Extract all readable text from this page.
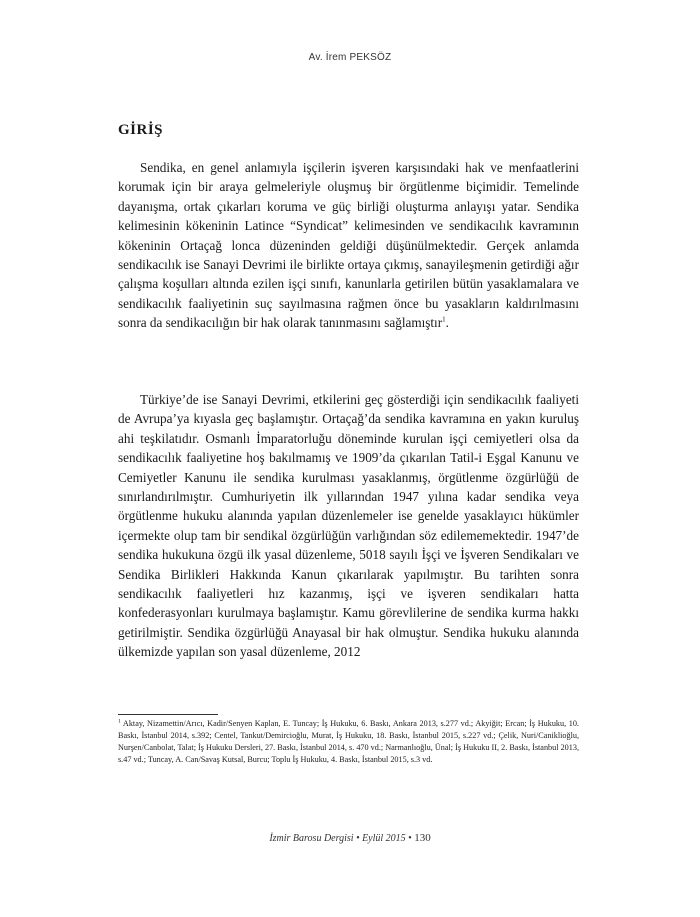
Av. İrem PEKSÖZ
GİRİŞ

Sendika, en genel anlamıyla işçilerin işveren karşısındaki hak ve menfaatlerini korumak için bir araya gelmeleriyle oluşmuş bir örgütlenme biçimidir. Temelinde dayanışma, ortak çıkarları koruma ve güç birliği oluşturma anlayışı yatar. Sendika kelimesinin kökeninin Latince “Syndicat” kelimesinden ve sendikacılık kavramının kökeninin Ortaçağ lonca düzeninden geldiği düşünülmektedir. Gerçek anlamda sendikacılık ise Sanayi Devrimi ile birlikte ortaya çıkmış, sanayileşmenin getirdiği ağır çalışma koşulları altında ezilen işçi sınıfı, kanunlarla getirilen bütün yasaklamalara ve sendikacılık faaliyetinin suç sayılmasına rağmen önce bu yasakların kaldırılmasını sonra da sendikacılığın bir hak olarak tanınmasını sağlamıştır$^1$.

Türkiye’de ise Sanayi Devrimi, etkilerini geç gösterdiği için sendikacılık faaliyeti de Avrupa’ya kıyasla geç başlamıştır. Ortaçağ’da sendika kavramına en yakın kuruluş ahi teşkilatıdır. Osmanlı İmparatorluğu döneminde kurulan işçi cemiyetleri olsa da sendikacılık faaliyetine hoş bakılmamış ve 1909’da çıkarılan Tatil-i Eşgal Kanunu ve Cemiyetler Kanunu ile sendika kurulması yasaklanmış, örgütlenme özgürlüğü de sınırlandırılmıştır. Cumhuriyetin ilk yıllarından 1947 yılına kadar sendika veya örgütlenme hukuku alanında yapılan düzenlemeler ise genelde yasaklayıcı hükümler içermekte olup tam bir sendikal özgürlüğün varlığından söz edilememektedir. 1947’de sendika hukukuna özgü ilk yasal düzenleme, 5018 sayılı İşçi ve İşveren Sendikaları ve Sendika Birlikleri Hakkında Kanun çıkarılarak yapılmıştır. Bu tarihten sonra sendikacılık faaliyetleri hız kazanmış, işçi ve işveren sendikaları hatta konfederasyonları kurulmaya başlamıştır. Kamu görevlilerine de sendika kurma hakkı getirilmiştir. Sendika özgürlüğü Anayasal bir hak olmuştur. Sendika hukuku alanında ülkemizde yapılan son yasal düzenleme, 2012

$^1$ Aktay, Nizamettin/Arıcı, Kadir/Senyen Kaplan, E. Tuncay; İş Hukuku, 6. Baskı, Ankara 2013, s.277 vd.; Akyiğit; Ercan; İş Hukuku, 10. Baskı, İstanbul 2014, s.392; Centel, Tankut/Demircioğlu, Murat, İş Hukuku, 18. Baskı, İstanbul 2015, s.227 vd.; Çelik, Nuri/Caniklioğlu, Nurşen/Canbolat, Talat; İş Hukuku Dersleri, 27. Baskı, İstanbul 2014, s. 470 vd.; Narmanlıoğlu, Ünal; İş Hukuku II, 2. Baskı, İstanbul 2013, s.47 vd.; Tuncay, A. Can/Savaş Kutsal, Burcu; Toplu İş Hukuku, 4. Baskı, İstanbul 2015, s.3 vd.

İzmir Barosu Dergisi • Eylül 2015 • 130
